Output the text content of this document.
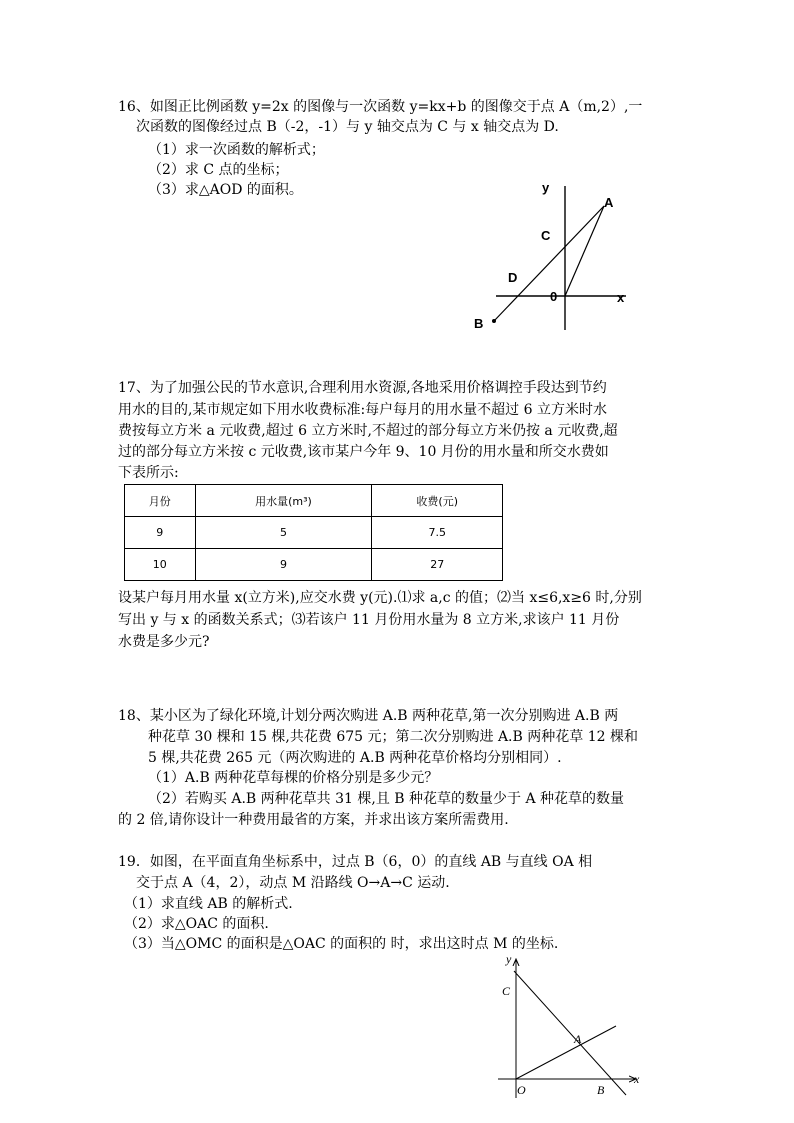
16、如图正比例函数 y=2x 的图像与一次函数 y=kx+b 的图像交于点 A（m,2）,一
次函数的图像经过点 B（-2，-1）与 y 轴交点为 C 与 x 轴交点为 D.
（1）求一次函数的解析式；
（2）求 C 点的坐标；
（3）求△AOD 的面积。	y
A
C
D
0	x
B
17、为了加强公民的节水意识,合理利用水资源,各地采用价格调控手段达到节约
用水的目的,某市规定如下用水收费标准:每户每月的用水量不超过 6 立方米时水
费按每立方米 a 元收费,超过 6 立方米时,不超过的部分每立方米仍按 a 元收费,超
过的部分每立方米按 c 元收费,该市某户今年 9、10 月份的用水量和所交水费如
下表所示:
月份	用水量(m³)	收费(元)
9	5	7.5
10	9	27
设某户每月用水量 x(立方米),应交水费 y(元).⑴求 a,c 的值；⑵当 x≤6,x≥6 时,分别
写出 y 与 x 的函数关系式；⑶若该户 11 月份用水量为 8 立方米,求该户 11 月份
水费是多少元?
18、某小区为了绿化环境,计划分两次购进 A.B 两种花草,第一次分别购进 A.B 两
种花草 30 棵和 15 棵,共花费 675 元；第二次分别购进 A.B 两种花草 12 棵和
5 棵,共花费 265 元（两次购进的 A.B 两种花草价格均分别相同）.
（1）A.B 两种花草每棵的价格分别是多少元？
（2）若购买 A.B 两种花草共 31 棵,且 B 种花草的数量少于 A 种花草的数量
的 2 倍,请你设计一种费用最省的方案，并求出该方案所需费用.
19．如图，在平面直角坐标系中，过点 B（6，0）的直线 AB 与直线 OA 相
交于点 A（4，2），动点 M 沿路线 O→A→C 运动.
（1）求直线 AB 的解析式.
（2）求△OAC 的面积.
（3）当△OMC 的面积是△OAC 的面积的 时，求出这时点 M 的坐标.
y
C
A
O	B
x
